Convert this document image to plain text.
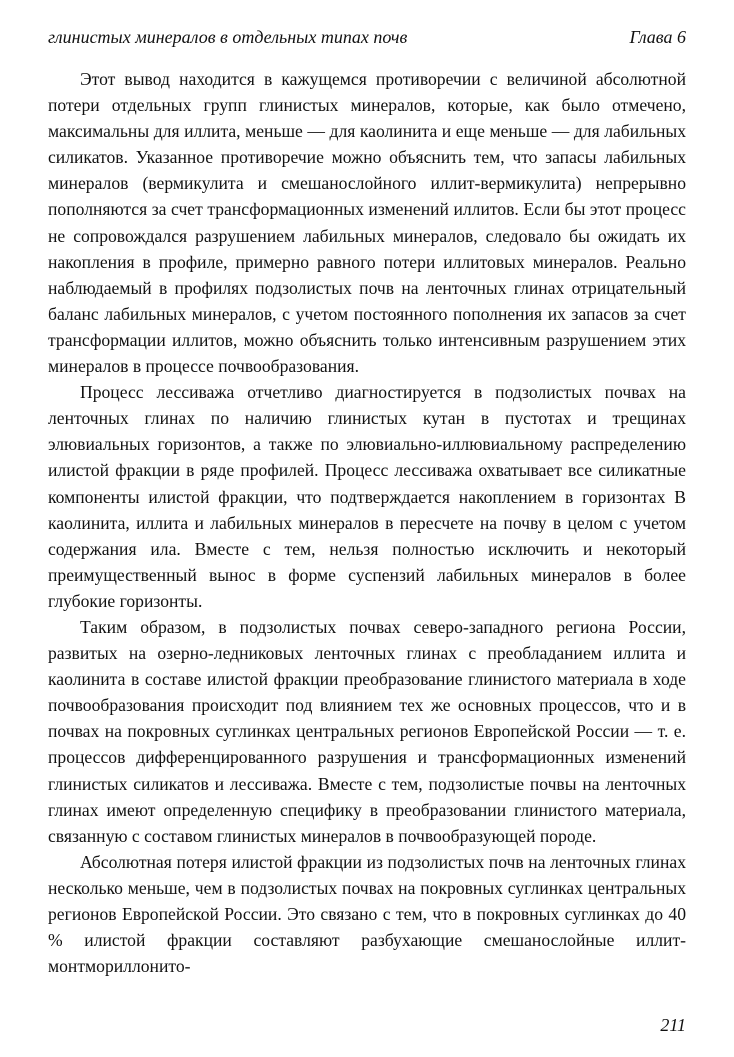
глинистых минералов в отдельных типах почв	Глава 6

Этот вывод находится в кажущемся противоречии с величиной абсолютной потери отдельных групп глинистых минералов, которые, как было отмечено, максимальны для иллита, меньше — для каолинита и еще меньше — для лабильных силикатов. Указанное противоречие можно объяснить тем, что запасы лабильных минералов (вермикулита и смешанослойного иллит-вермикулита) непрерывно пополняются за счет трансформационных изменений иллитов. Если бы этот процесс не сопровождался разрушением лабильных минералов, следовало бы ожидать их накопления в профиле, примерно равного потери иллитовых минералов. Реально наблюдаемый в профилях подзолистых почв на ленточных глинах отрицательный баланс лабильных минералов, с учетом постоянного пополнения их запасов за счет трансформации иллитов, можно объяснить только интенсивным разрушением этих минералов в процессе почвообразования.

Процесс лессиважа отчетливо диагностируется в подзолистых почвах на ленточных глинах по наличию глинистых кутан в пустотах и трещинах элювиальных горизонтов, а также по элювиально-иллювиальному распределению илистой фракции в ряде профилей. Процесс лессиважа охватывает все силикатные компоненты илистой фракции, что подтверждается накоплением в горизонтах В каолинита, иллита и лабильных минералов в пересчете на почву в целом с учетом содержания ила. Вместе с тем, нельзя полностью исключить и некоторый преимущественный вынос в форме суспензий лабильных минералов в более глубокие горизонты.

Таким образом, в подзолистых почвах северо-западного региона России, развитых на озерно-ледниковых ленточных глинах с преобладанием иллита и каолинита в составе илистой фракции преобразование глинистого материала в ходе почвообразования происходит под влиянием тех же основных процессов, что и в почвах на покровных суглинках центральных регионов Европейской России — т. е. процессов дифференцированного разрушения и трансформационных изменений глинистых силикатов и лессиважа. Вместе с тем, подзолистые почвы на ленточных глинах имеют определенную специфику в преобразовании глинистого материала, связанную с составом глинистых минералов в почвообразующей породе.

Абсолютная потеря илистой фракции из подзолистых почв на ленточных глинах несколько меньше, чем в подзолистых почвах на покровных суглинках центральных регионов Европейской России. Это связано с тем, что в покровных суглинках до 40 % илистой фракции составляют разбухающие смешанослойные иллит-монтмориллонито-

211
